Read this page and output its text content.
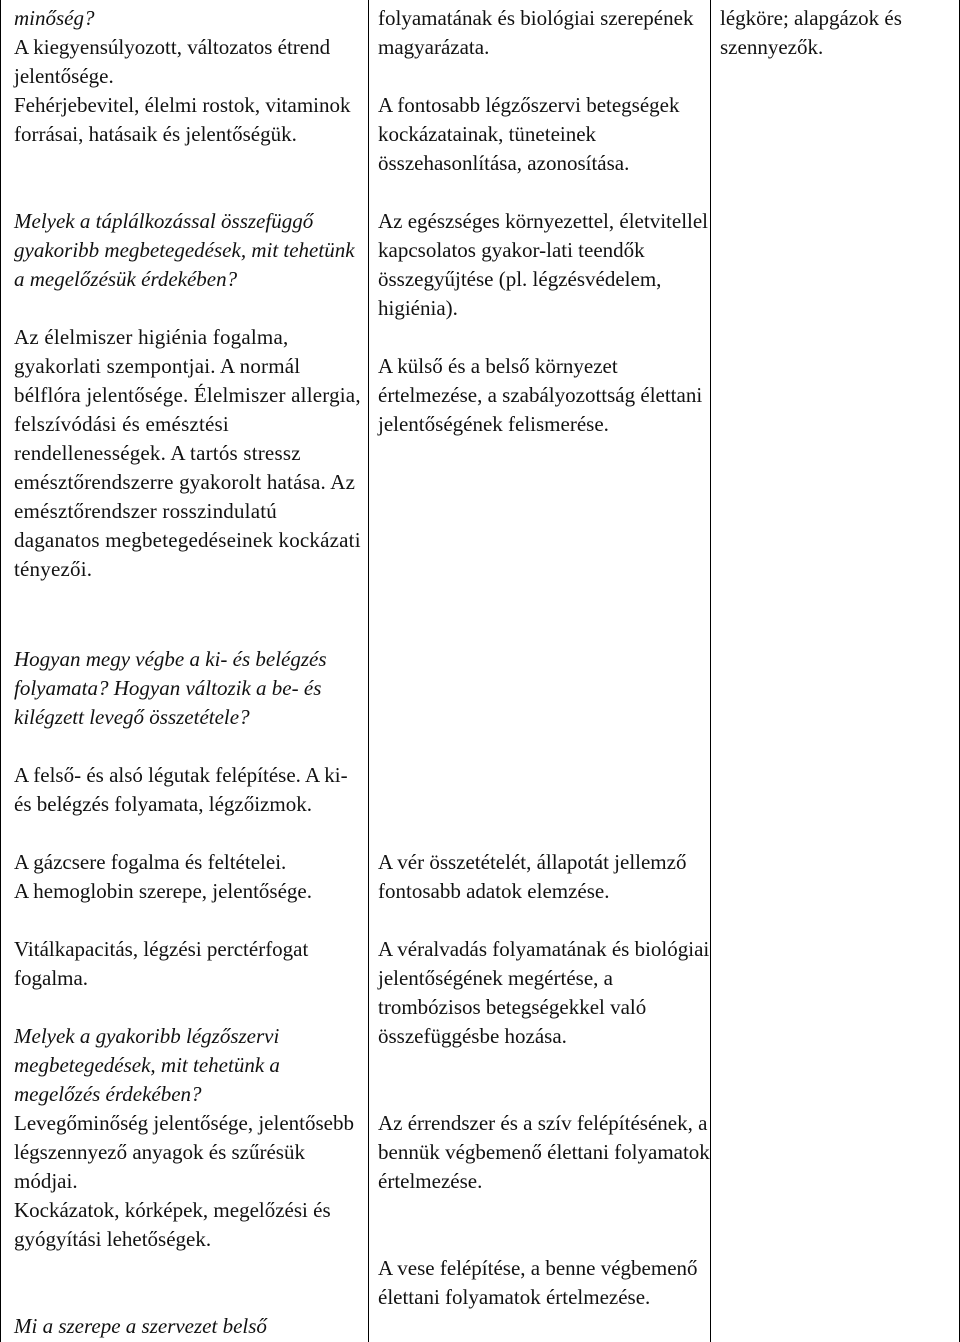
minőség?

A kiegyensúlyozott, változatos étrend jelentősége.

Fehérjebevitel, élelmi rostok, vitaminok forrásai, hatásaik és jelentőségük.

Melyek a táplálkozással összefüggő gyakoribb megbetegedések, mit tehetünk a megelőzésük érdekében?

Az élelmiszer higiénia fogalma, gyakorlati szempontjai. A normál bélflóra jelentősége. Élelmiszer allergia, felszívódási és emésztési rendellenességek. A tartós stressz emésztőrendszerre gyakorolt hatása. Az emésztőrendszer rosszindulatú daganatos megbetegedéseinek kockázati tényezői.

Hogyan megy végbe a ki- és belégzés folyamata? Hogyan változik a be- és kilégzett levegő összetétele?

A felső- és alsó légutak felépítése. A ki- és belégzés folyamata, légzőizmok.

A gázcsere fogalma és feltételei.

A hemoglobin szerepe, jelentősége.

Vitálkapacitás, légzési perctérfogat fogalma.

Melyek a gyakoribb légzőszervi megbetegedések, mit tehetünk a megelőzés érdekében?

Levegőminőség jelentősége, jelentősebb légszennyező anyagok és szűrésük módjai.

Kockázatok, kórképek, megelőzési és gyógyítási lehetőségek.

Mi a szerepe a szervezet belső

folyamatának és biológiai szerepének magyarázata.

A fontosabb légzőszervi betegségek kockázatainak, tüneteinek összehasonlítása, azonosítása.

Az egészséges környezettel, életvitellel kapcsolatos gyakor-lati teendők összegyűjtése (pl. légzésvédelem, higiénia).

A külső és a belső környezet értelmezése, a szabályozottság élettani jelentőségének felismerése.

A vér összetételét, állapotát jellemző fontosabb adatok elemzése.

A véralvadás folyamatának és biológiai jelentőségének megértése, a trombózisos betegségekkel való összefüggésbe hozása.

Az érrendszer és a szív felépítésének, a bennük végbemenő élettani folyamatok értelmezése.

A vese felépítése, a benne végbemenő élettani folyamatok értelmezése.

légköre; alapgázok és szennyezők.
